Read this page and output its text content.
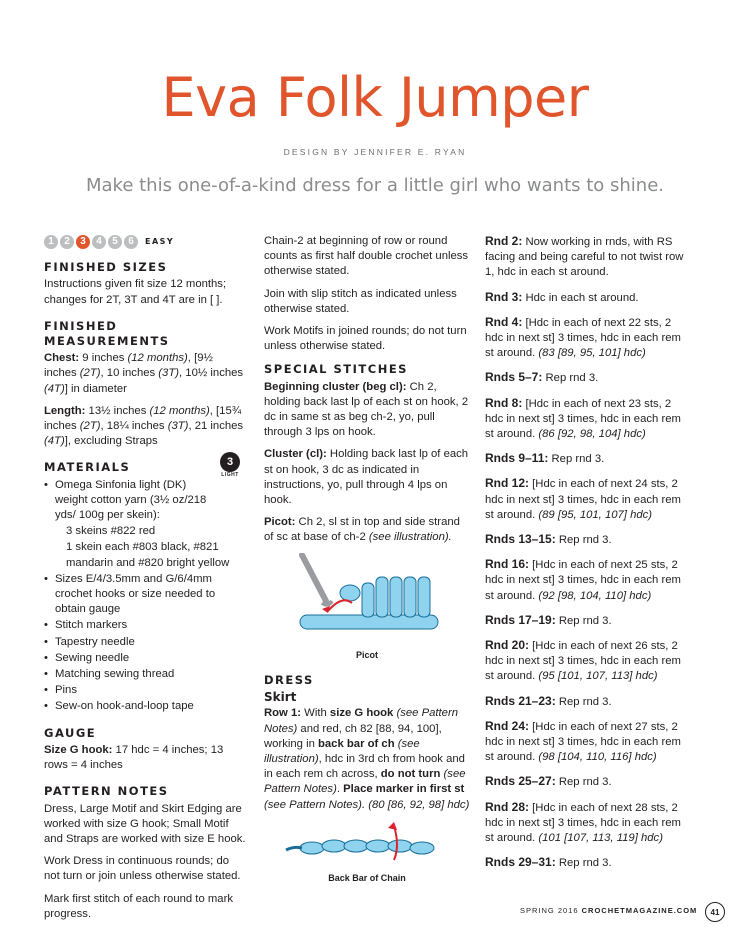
Eva Folk Jumper
DESIGN BY JENNIFER E. RYAN
Make this one-of-a-kind dress for a little girl who wants to shine.
1	2	3	4	5	6	EASY
FINISHED SIZES

Instructions given fit size 12 months; changes for 2T, 3T and 4T are in [ ].

FINISHED MEASUREMENTS

Chest: 9 inches (12 months), [9½ inches (2T), 10 inches (3T), 10½ inches (4T)] in diameter

Length: 13½ inches (12 months), [15¾ inches (2T), 18¼ inches (3T), 21 inches (4T)], excluding Straps

MATERIALS
• Omega Sinfonia light (DK) weight cotton yarn (3½ oz/218 yds/ 100g per skein):
3 skeins #822 red
1 skein each #803 black, #821 mandarin and #820 bright yellow
• Sizes E/4/3.5mm and G/6/4mm crochet hooks or size needed to obtain gauge
• Stitch markers
• Tapestry needle
• Sewing needle
• Matching sewing thread
• Pins
• Sew-on hook-and-loop tape
GAUGE

Size G hook: 17 hdc = 4 inches; 13 rows = 4 inches

PATTERN NOTES

Dress, Large Motif and Skirt Edging are worked with size G hook; Small Motif and Straps are worked with size E hook.

Work Dress in continuous rounds; do not turn or join unless otherwise stated.

Mark first stitch of each round to mark progress.

3
LIGHT

Chain-2 at beginning of row or round counts as first half double crochet unless otherwise stated.

Join with slip stitch as indicated unless otherwise stated.

Work Motifs in joined rounds; do not turn unless otherwise stated.

SPECIAL STITCHES

Beginning cluster (beg cl): Ch 2, holding back last lp of each st on hook, 2 dc in same st as beg ch-2, yo, pull through 3 lps on hook.

Cluster (cl): Holding back last lp of each st on hook, 3 dc as indicated in instructions, yo, pull through 4 lps on hook.

Picot: Ch 2, sl st in top and side strand of sc at base of ch-2 (see illustration).

Picot
DRESS
Skirt

Row 1: With size G hook (see Pattern Notes) and red, ch 82 [88, 94, 100], working in back bar of ch (see illustration), hdc in 3rd ch from hook and in each rem ch across, do not turn (see Pattern Notes). Place marker in first st (see Pattern Notes). (80 [86, 92, 98] hdc)

Back Bar of Chain

Rnd 2: Now working in rnds, with RS facing and being careful to not twist row 1, hdc in each st around.

Rnd 3: Hdc in each st around.

Rnd 4: [Hdc in each of next 22 sts, 2 hdc in next st] 3 times, hdc in each rem st around. (83 [89, 95, 101] hdc)

Rnds 5–7: Rep rnd 3.

Rnd 8: [Hdc in each of next 23 sts, 2 hdc in next st] 3 times, hdc in each rem st around. (86 [92, 98, 104] hdc)

Rnds 9–11: Rep rnd 3.

Rnd 12: [Hdc in each of next 24 sts, 2 hdc in next st] 3 times, hdc in each rem st around. (89 [95, 101, 107] hdc)

Rnds 13–15: Rep rnd 3.

Rnd 16: [Hdc in each of next 25 sts, 2 hdc in next st] 3 times, hdc in each rem st around. (92 [98, 104, 110] hdc)

Rnds 17–19: Rep rnd 3.

Rnd 20: [Hdc in each of next 26 sts, 2 hdc in next st] 3 times, hdc in each rem st around. (95 [101, 107, 113] hdc)

Rnds 21–23: Rep rnd 3.

Rnd 24: [Hdc in each of next 27 sts, 2 hdc in next st] 3 times, hdc in each rem st around. (98 [104, 110, 116] hdc)

Rnds 25–27: Rep rnd 3.

Rnd 28: [Hdc in each of next 28 sts, 2 hdc in next st] 3 times, hdc in each rem st around. (101 [107, 113, 119] hdc)

Rnds 29–31: Rep rnd 3.

SPRING 2016 CROCHETMAGAZINE.COM	41
